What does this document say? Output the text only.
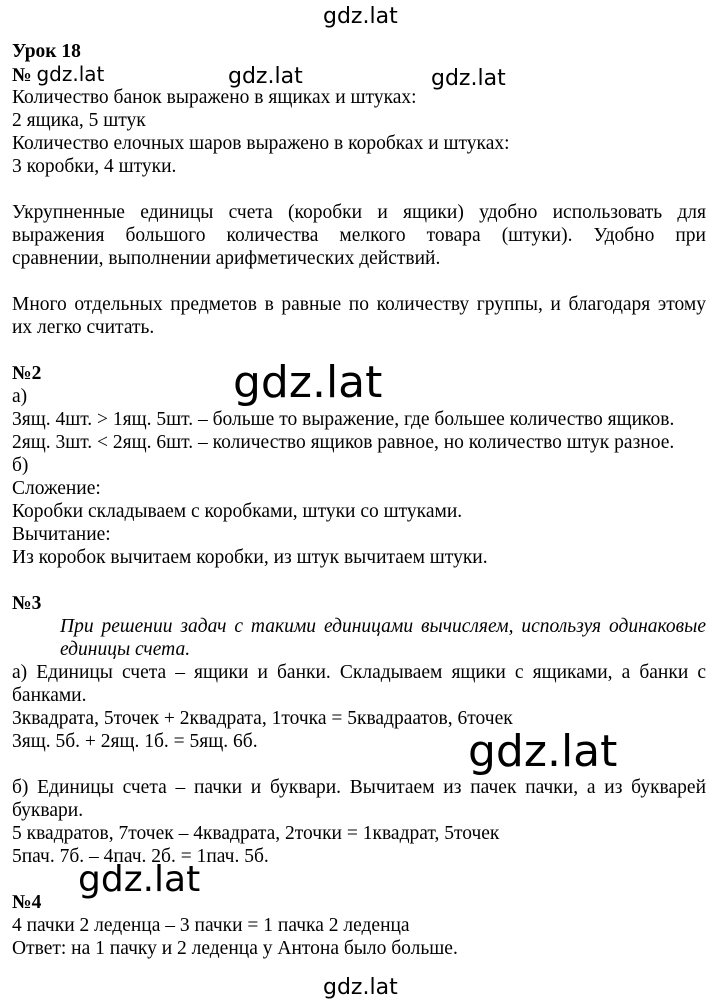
gdz.lat
gdz.lat	gdz.lat
gdz.lat
gdz.lat
gdz.lat
gdz.lat
Урок 18
№ gdz.lat
Количество банок выражено в ящиках и штуках:
2 ящика, 5 штук
Количество елочных шаров выражено в коробках и штуках:
3 коробки, 4 штуки.
Укрупненные единицы счета (коробки и ящики) удобно использовать для
выражения большого количества мелкого товара (штуки). Удобно при
сравнении, выполнении арифметических действий.
Много отдельных предметов в равные по количеству группы, и благодаря этому
их легко считать.
№2
а)
3ящ. 4шт. > 1ящ. 5шт. – больше то выражение, где большее количество ящиков.
2ящ. 3шт. < 2ящ. 6шт. – количество ящиков равное, но количество штук разное.
б)
Сложение:
Коробки складываем с коробками, штуки со штуками.
Вычитание:
Из коробок вычитаем коробки, из штук вычитаем штуки.
№3
При решении задач с такими единицами вычисляем, используя одинаковые
единицы счета.
а) Единицы счета – ящики и банки. Складываем ящики с ящиками, а банки с
банками.
3квадрата, 5точек + 2квадрата, 1точка = 5квадраатов, 6точек
3ящ. 5б. + 2ящ. 1б. = 5ящ. 6б.
б) Единицы счета – пачки и буквари. Вычитаем из пачек пачки, а из букварей
буквари.
5 квадратов, 7точек – 4квадрата, 2точки = 1квадрат, 5точек
5пач. 7б. – 4пач. 2б. = 1пач. 5б.
№4
4 пачки 2 леденца – 3 пачки = 1 пачка 2 леденца
Ответ: на 1 пачку и 2 леденца у Антона было больше.
